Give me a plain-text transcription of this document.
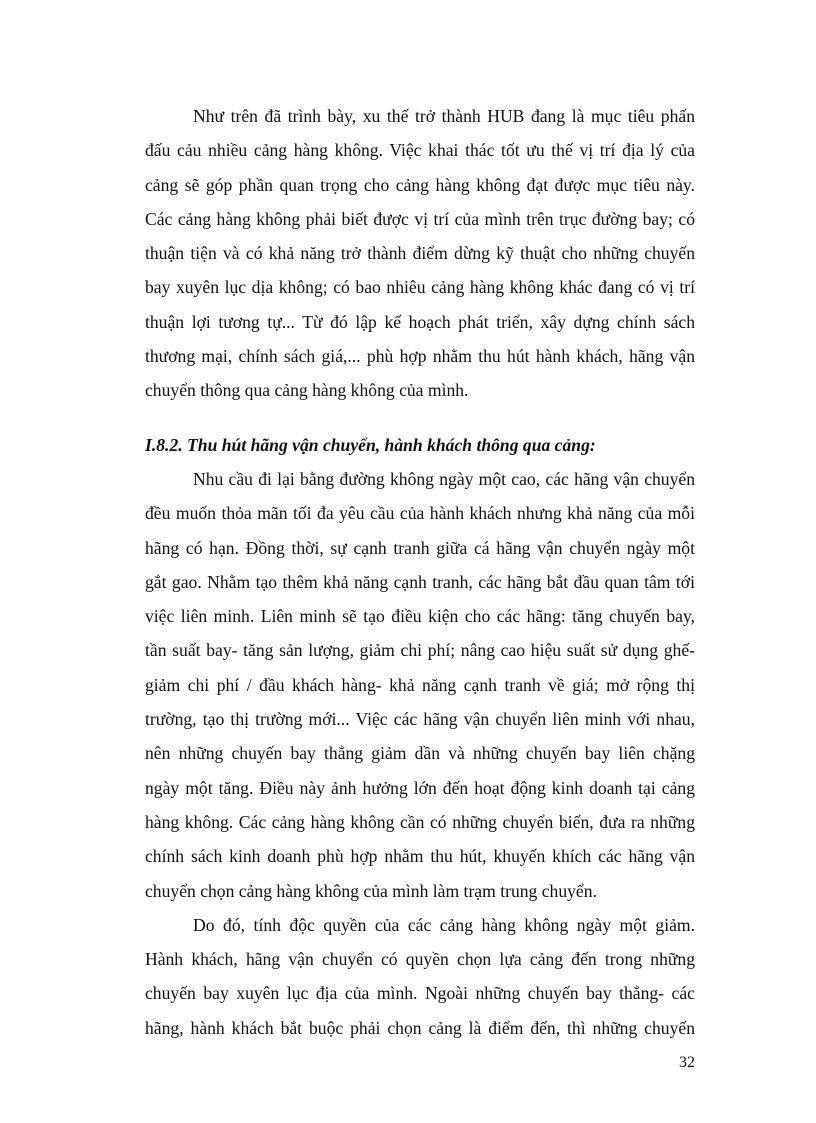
Như trên đã trình bày, xu thế trở thành HUB đang là mục tiêu phấn
đấu cảu nhiều cảng hàng không. Việc khai thác tốt ưu thế vị trí địa lý của
cảng sẽ góp phần quan trọng cho cảng hàng không đạt được mục tiêu này.
Các cảng hàng không phải biết được vị trí của mình trên trục đường bay; có
thuận tiện và có khả năng trở thành điểm dừng kỹ thuật cho những chuyến
bay xuyên lục dịa không; có bao nhiêu cảng hàng không khác đang có vị trí
thuận lợi tương tự... Từ đó lập kế hoạch phát triển, xây dựng chính sách
thương mại, chính sách giá,... phù hợp nhằm thu hút hành khách, hãng vận
chuyển thông qua cảng hàng không của mình.
I.8.2. Thu hút hãng vận chuyển, hành khách thông qua cảng:
Nhu cầu đi lại bằng đường không ngày một cao, các hãng vận chuyển
đều muốn thỏa mãn tối đa yêu cầu của hành khách nhưng khả năng của mỗi
hãng có hạn. Đồng thời, sự cạnh tranh giữa cá hãng vận chuyển ngày một
gắt gao. Nhằm tạo thêm khả năng cạnh tranh, các hãng bắt đầu quan tâm tới
việc liên minh. Liên minh sẽ tạo điều kiện cho các hãng: tăng chuyến bay,
tần suất bay- tăng sản lượng, giảm chi phí; nâng cao hiệu suất sử dụng ghế-
giảm chi phí / đầu khách hàng- khả năng cạnh tranh về giá; mở rộng thị
trường, tạo thị trường mới... Việc các hãng vận chuyển liên minh với nhau,
nên những chuyến bay thẳng giảm dần và những chuyến bay liên chặng
ngày một tăng. Điều này ảnh hưởng lớn đến hoạt động kinh doanh tại cảng
hàng không. Các cảng hàng không cần có những chuyển biến, đưa ra những
chính sách kinh doanh phù hợp nhằm thu hút, khuyến khích các hãng vận
chuyển chọn cảng hàng không của mình làm trạm trung chuyển.
Do đó, tính độc quyền của các cảng hàng không ngày một giảm.
Hành khách, hãng vận chuyển có quyền chọn lựa cảng đến trong những
chuyến bay xuyên lục địa của mình. Ngoài những chuyến bay thẳng- các
hãng, hành khách bắt buộc phải chọn cảng là điểm đến, thì những chuyến
32
